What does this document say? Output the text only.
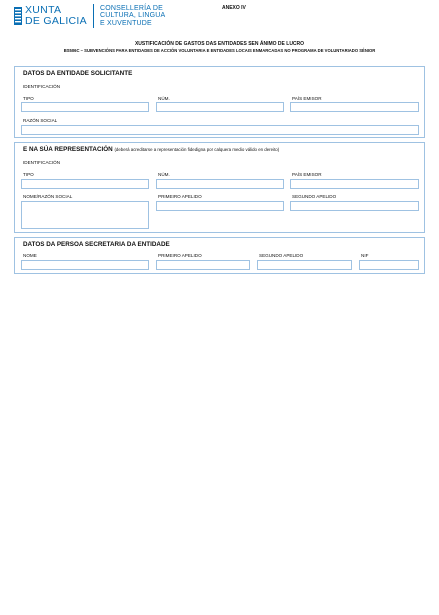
XUNTA
DE GALICIA
CONSELLERÍA DE
CULTURA, LINGUA
E XUVENTUDE
ANEXO IV
XUSTIFICACIÓN DE GASTOS DAS ENTIDADES SEN ÁNIMO DE LUCRO
BS506C – SUBVENCIÓNS PARA ENTIDADES DE ACCIÓN VOLUNTARIA E ENTIDADES LOCAIS ENMARCADAS NO PROGRAMA DE VOLUNTARIADO SÉNIOR
DATOS DA ENTIDADE SOLICITANTE
IDENTIFICACIÓN
TIPO	NÚM.	PAÍS EMISOR
RAZÓN SOCIAL
E NA SÚA REPRESENTACIÓN (deberá acreditarse a representación fidedigna por calquera medio válido en dereito)
IDENTIFICACIÓN
TIPO	NÚM.	PAÍS EMISOR
NOME/RAZÓN SOCIAL	PRIMEIRO APELIDO	SEGUNDO APELIDO
DATOS DA PERSOA SECRETARIA DA ENTIDADE
NOME	PRIMEIRO APELIDO	SEGUNDO APELIDO	NIF
